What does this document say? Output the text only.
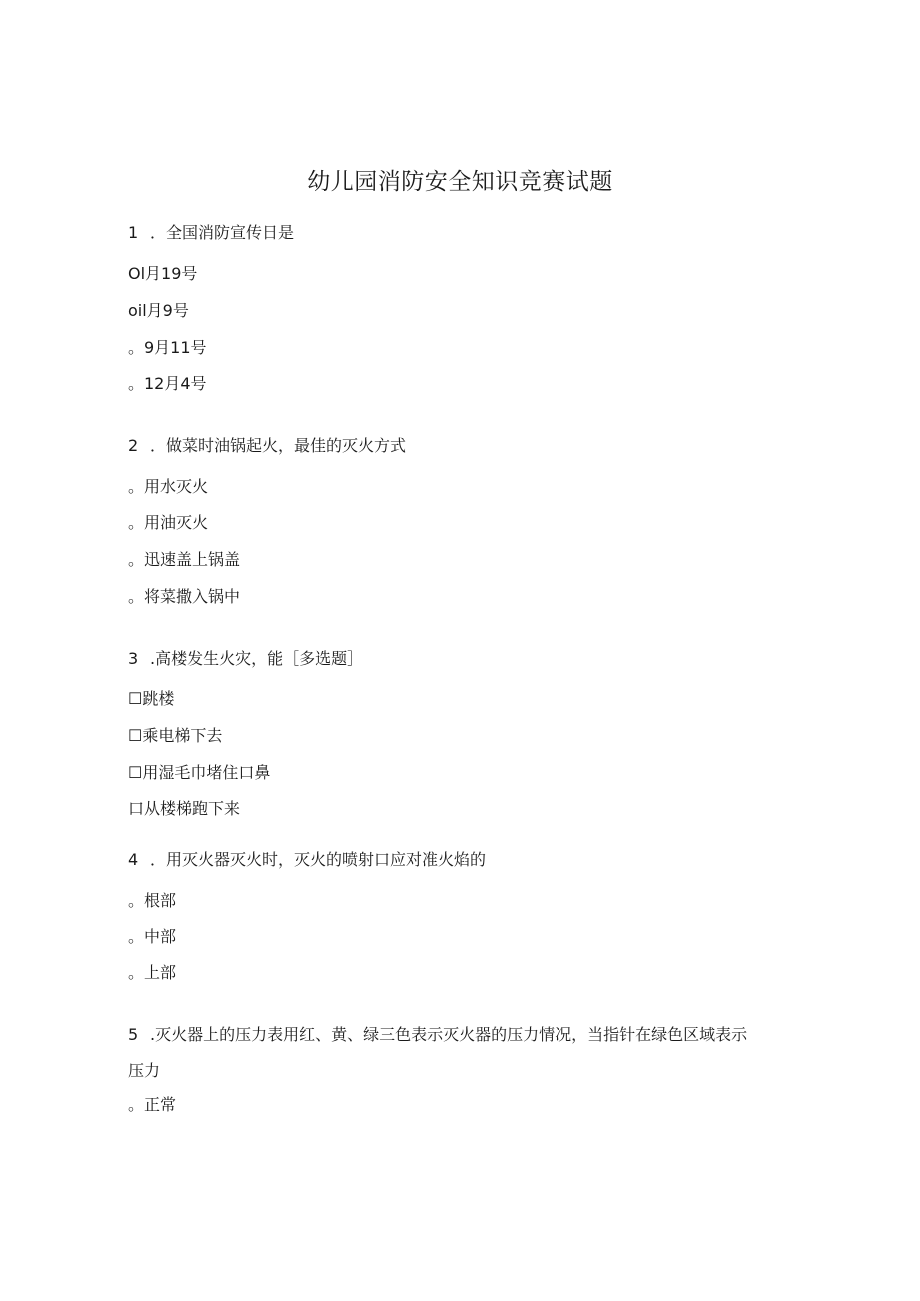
幼儿园消防安全知识竞赛试题
1 ．全国消防宣传日是
Ol月19号
oil月9号
。9月11号
。12月4号
2 ．做菜时油锅起火，最佳的灭火方式
。用水灭火
。用油灭火
。迅速盖上锅盖
。将菜撒入锅中
3 .高楼发生火灾，能［多选题］
☐跳楼
☐乘电梯下去
☐用湿毛巾堵住口鼻
口从楼梯跑下来
4 ．用灭火器灭火时，灭火的喷射口应对准火焰的
。根部
。中部
。上部
5 .灭火器上的压力表用红、黄、绿三色表示灭火器的压力情况，当指针在绿色区域表示
压力
。正常
